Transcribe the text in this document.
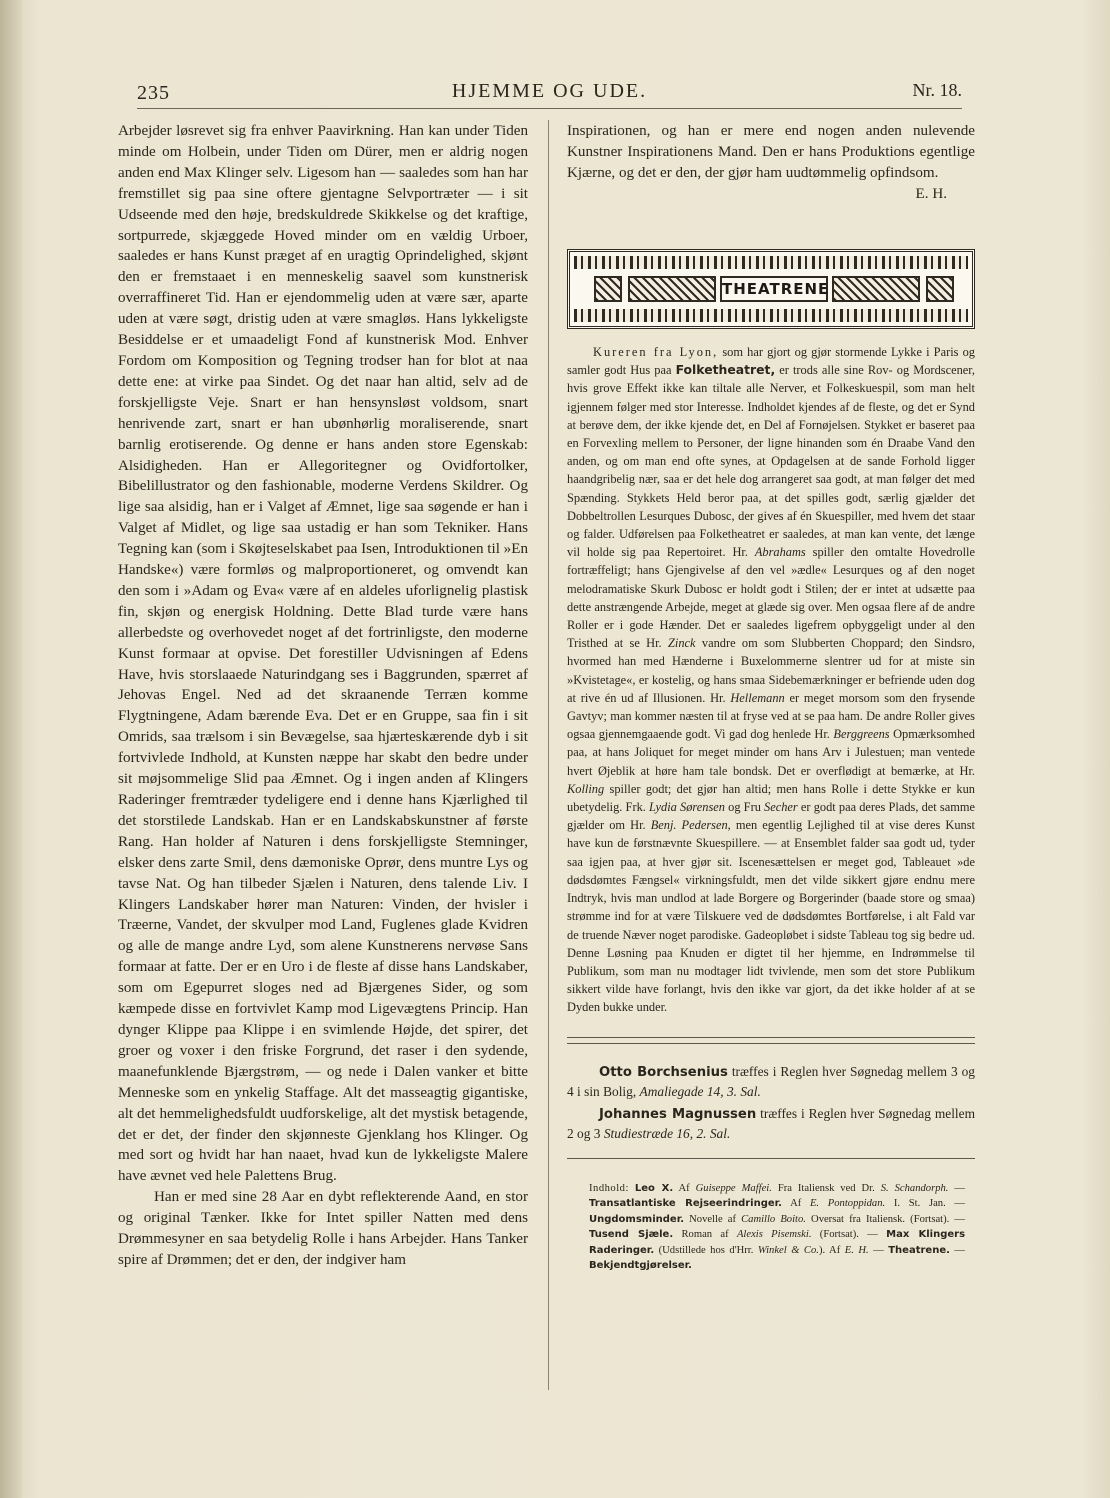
235	HJEMME OG UDE.	Nr. 18.

Arbejder løsrevet sig fra enhver Paavirkning. Han kan under Tiden minde om Holbein, under Tiden om Dürer, men er aldrig nogen anden end Max Klinger selv. Ligesom han — saaledes som han har fremstillet sig paa sine oftere gjentagne Selvportræter — i sit Udseende med den høje, bredskuldrede Skikkelse og det kraftige, sortpurrede, skjæggede Hoved minder om en vældig Urboer, saaledes er hans Kunst præget af en uragtig Oprindelighed, skjønt den er fremstaaet i en menneskelig saavel som kunstnerisk overraffineret Tid. Han er ejendommelig uden at være sær, aparte uden at være søgt, dristig uden at være smagløs. Hans lykkeligste Besiddelse er et umaadeligt Fond af kunstnerisk Mod. Enhver Fordom om Komposition og Tegning trodser han for blot at naa dette ene: at virke paa Sindet. Og det naar han altid, selv ad de forskjelligste Veje. Snart er han hensynsløst voldsom, snart henrivende zart, snart er han ubønhørlig moraliserende, snart barnlig erotiserende. Og denne er hans anden store Egenskab: Alsidigheden. Han er Allegoritegner og Ovidfortolker, Bibelillustrator og den fashionable, moderne Verdens Skildrer. Og lige saa alsidig, han er i Valget af Æmnet, lige saa søgende er han i Valget af Midlet, og lige saa ustadig er han som Tekniker. Hans Tegning kan (som i Skøjteselskabet paa Isen, Introduktionen til »En Handske«) være formløs og malproportioneret, og omvendt kan den som i »Adam og Eva« være af en aldeles uforlignelig plastisk fin, skjøn og energisk Holdning. Dette Blad turde være hans allerbedste og overhovedet noget af det fortrinligste, den moderne Kunst formaar at opvise. Det forestiller Udvisningen af Edens Have, hvis storslaaede Naturindgang ses i Baggrunden, spærret af Jehovas Engel. Ned ad det skraanende Terræn komme Flygtningene, Adam bærende Eva. Det er en Gruppe, saa fin i sit Omrids, saa trælsom i sin Bevægelse, saa hjærteskærende dyb i sit fortvivlede Indhold, at Kunsten næppe har skabt den bedre under sit møjsommelige Slid paa Æmnet. Og i ingen anden af Klingers Raderinger fremtræder tydeligere end i denne hans Kjærlighed til det storstilede Landskab. Han er en Landskabskunstner af første Rang. Han holder af Naturen i dens forskjelligste Stemninger, elsker dens zarte Smil, dens dæmoniske Oprør, dens muntre Lys og tavse Nat. Og han tilbeder Sjælen i Naturen, dens talende Liv. I Klingers Landskaber hører man Naturen: Vinden, der hvisler i Træerne, Vandet, der skvulper mod Land, Fuglenes glade Kvidren og alle de mange andre Lyd, som alene Kunstnerens nervøse Sans formaar at fatte. Der er en Uro i de fleste af disse hans Landskaber, som om Egepurret sloges ned ad Bjærgenes Sider, og som kæmpede disse en fortvivlet Kamp mod Ligevægtens Princip. Han dynger Klippe paa Klippe i en svimlende Højde, det spirer, det groer og voxer i den friske Forgrund, det raser i den sydende, maanefunklende Bjærgstrøm, — og nede i Dalen vanker et bitte Menneske som en ynkelig Staffage. Alt det masseagtig gigantiske, alt det hemmelighedsfuldt uudforskelige, alt det mystisk betagende, det er det, der finder den skjønneste Gjenklang hos Klinger. Og med sort og hvidt har han naaet, hvad kun de lykkeligste Malere have ævnet ved hele Palettens Brug.

Han er med sine 28 Aar en dybt reflekterende Aand, en stor og original Tænker. Ikke for Intet spiller Natten med dens Drømmesyner en saa betydelig Rolle i hans Arbejder. Hans Tanker spire af Drømmen; det er den, der indgiver ham

Inspirationen, og han er mere end nogen anden nulevende Kunstner Inspirationens Mand. Den er hans Produktions egentlige Kjærne, og det er den, der gjør ham uudtømmelig opfindsom.
E. H.

THEATRENE

Kureren fra Lyon, som har gjort og gjør stormende Lykke i Paris og samler godt Hus paa Folketheatret, er trods alle sine Rov- og Mordscener, hvis grove Effekt ikke kan tiltale alle Nerver, et Folkeskuespil, som man helt igjennem følger med stor Interesse. Indholdet kjendes af de fleste, og det er Synd at berøve dem, der ikke kjende det, en Del af Fornøjelsen. Stykket er baseret paa en Forvexling mellem to Personer, der ligne hinanden som én Draabe Vand den anden, og om man end ofte synes, at Opdagelsen at de sande Forhold ligger haandgribelig nær, saa er det hele dog arrangeret saa godt, at man følger det med Spænding. Stykkets Held beror paa, at det spilles godt, særlig gjælder det Dobbeltrollen Lesurques Dubosc, der gives af én Skuespiller, med hvem det staar og falder. Udførelsen paa Folketheatret er saaledes, at man kan vente, det længe vil holde sig paa Repertoiret. Hr. Abrahams spiller den omtalte Hovedrolle fortræffeligt; hans Gjengivelse af den vel »ædle« Lesurques og af den noget melodramatiske Skurk Dubosc er holdt godt i Stilen; der er intet at udsætte paa dette anstrængende Arbejde, meget at glæde sig over. Men ogsaa flere af de andre Roller er i gode Hænder. Det er saaledes ligefrem opbyggeligt under al den Tristhed at se Hr. Zinck vandre om som Slubberten Choppard; den Sindsro, hvormed han med Hænderne i Buxelommerne slentrer ud for at miste sin »Kvistetage«, er kostelig, og hans smaa Sidebemærkninger er befriende uden dog at rive én ud af Illusionen. Hr. Hellemann er meget morsom som den frysende Gavtyv; man kommer næsten til at fryse ved at se paa ham. De andre Roller gives ogsaa gjennemgaaende godt. Vi gad dog henlede Hr. Berggreens Opmærksomhed paa, at hans Joliquet for meget minder om hans Arv i Julestuen; man ventede hvert Øjeblik at høre ham tale bondsk. Det er overflødigt at bemærke, at Hr. Kolling spiller godt; det gjør han altid; men hans Rolle i dette Stykke er kun ubetydelig. Frk. Lydia Sørensen og Fru Secher er godt paa deres Plads, det samme gjælder om Hr. Benj. Pedersen, men egentlig Lejlighed til at vise deres Kunst have kun de førstnævnte Skuespillere. — at Ensemblet falder saa godt ud, tyder saa igjen paa, at hver gjør sit. Iscenesættelsen er meget god, Tableauet »de dødsdømtes Fængsel« virkningsfuldt, men det vilde sikkert gjøre endnu mere Indtryk, hvis man undlod at lade Borgere og Borgerinder (baade store og smaa) strømme ind for at være Tilskuere ved de dødsdømtes Bortførelse, i alt Fald var de truende Næver noget parodiske. Gadeopløbet i sidste Tableau tog sig bedre ud. Denne Løsning paa Knuden er digtet til her hjemme, en Indrømmelse til Publikum, som man nu modtager lidt tvivlende, men som det store Publikum sikkert vilde have forlangt, hvis den ikke var gjort, da det ikke holder af at se Dyden bukke under.

Otto Borchsenius træffes i Reglen hver Søgnedag mellem 3 og 4 i sin Bolig, Amaliegade 14, 3. Sal.

Johannes Magnussen træffes i Reglen hver Søgnedag mellem 2 og 3 Studiestræde 16, 2. Sal.

Indhold: Leo X. Af Guiseppe Maffei. Fra Italiensk ved Dr. S. Schandorph. — Transatlantiske Rejseerindringer. Af E. Pontoppidan. I. St. Jan. — Ungdomsminder. Novelle af Camillo Boito. Oversat fra Italiensk. (Fortsat). — Tusend Sjæle. Roman af Alexis Pisemski. (Fortsat). — Max Klingers Raderinger. (Udstillede hos d'Hrr. Winkel & Co.). Af E. H. — Theatrene. — Bekjendtgjørelser.
